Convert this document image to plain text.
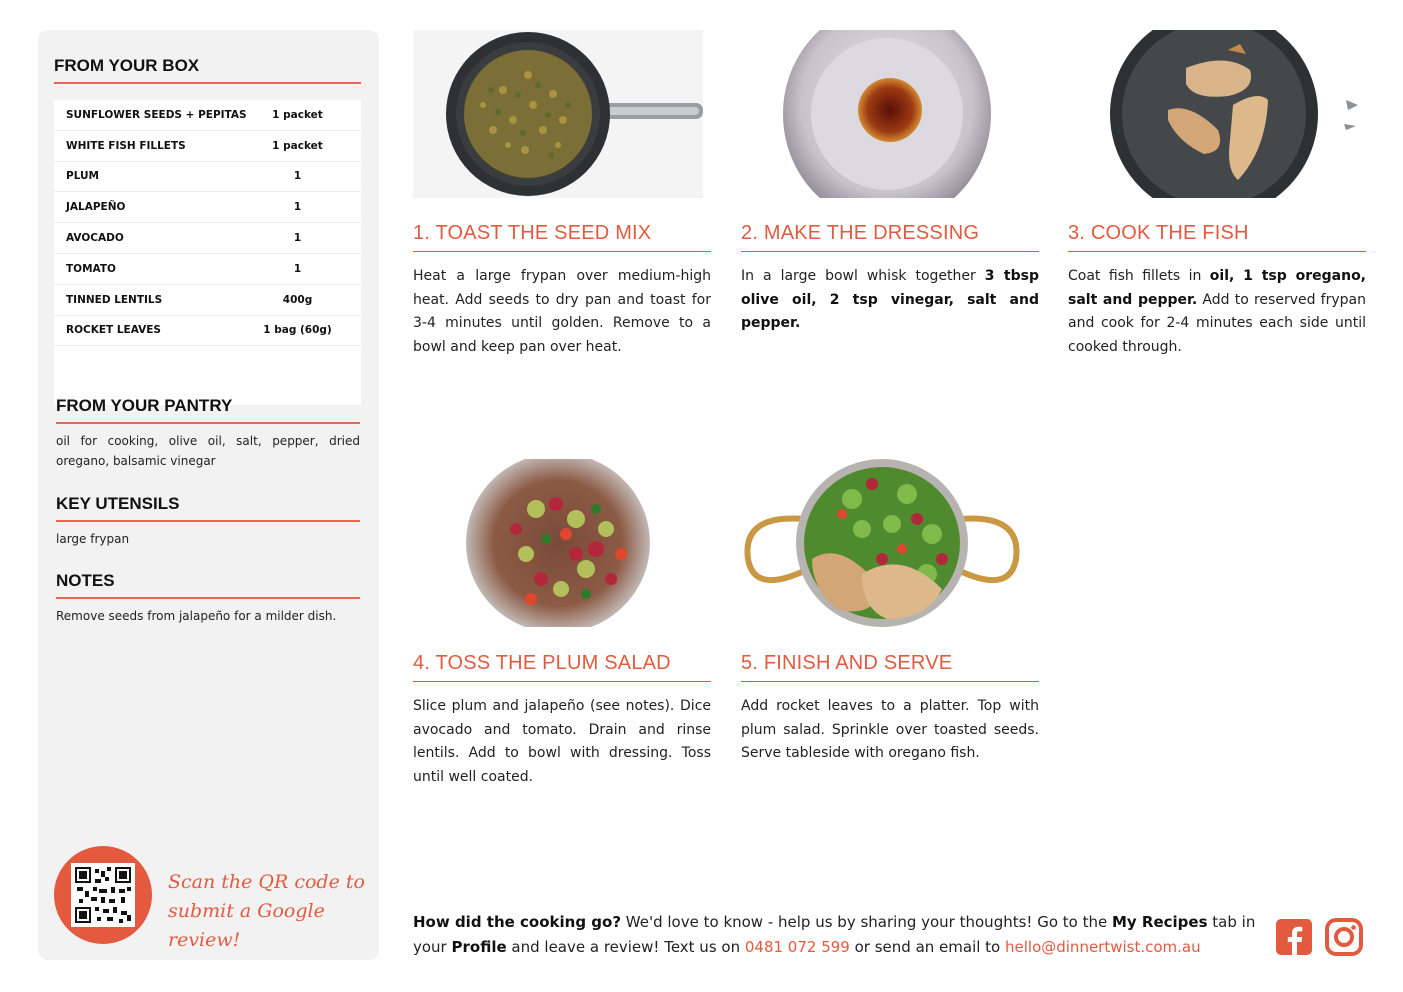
FROM YOUR BOX
SUNFLOWER SEEDS + PEPITAS	1 packet
WHITE FISH FILLETS	1 packet
PLUM	1
JALAPEÑO	1
AVOCADO	1
TOMATO	1
TINNED LENTILS	400g
ROCKET LEAVES	1 bag (60g)
FROM YOUR PANTRY
oil for cooking, olive oil, salt, pepper, dried oregano, balsamic vinegar
KEY UTENSILS
large frypan
NOTES
Remove seeds from jalapeño for a milder dish.
Scan the QR code to
submit a Google review!
1. TOAST THE SEED MIX
Heat a large frypan over medium-high heat. Add seeds to dry pan and toast for 3-4 minutes until golden. Remove to a bowl and keep pan over heat.
2. MAKE THE DRESSING
In a large bowl whisk together 3 tbsp olive oil, 2 tsp vinegar, salt and pepper.
3. COOK THE FISH
Coat fish fillets in oil, 1 tsp oregano, salt and pepper. Add to reserved frypan and cook for 2-4 minutes each side until cooked through.
4. TOSS THE PLUM SALAD
Slice plum and jalapeño (see notes). Dice avocado and tomato. Drain and rinse lentils. Add to bowl with dressing. Toss until well coated.
5. FINISH AND SERVE
Add rocket leaves to a platter. Top with plum salad. Sprinkle over toasted seeds. Serve tableside with oregano fish.
How did the cooking go? We'd love to know - help us by sharing your thoughts! Go to the My Recipes tab in your Profile and leave a review! Text us on 0481 072 599 or send an email to hello@dinnertwist.com.au
